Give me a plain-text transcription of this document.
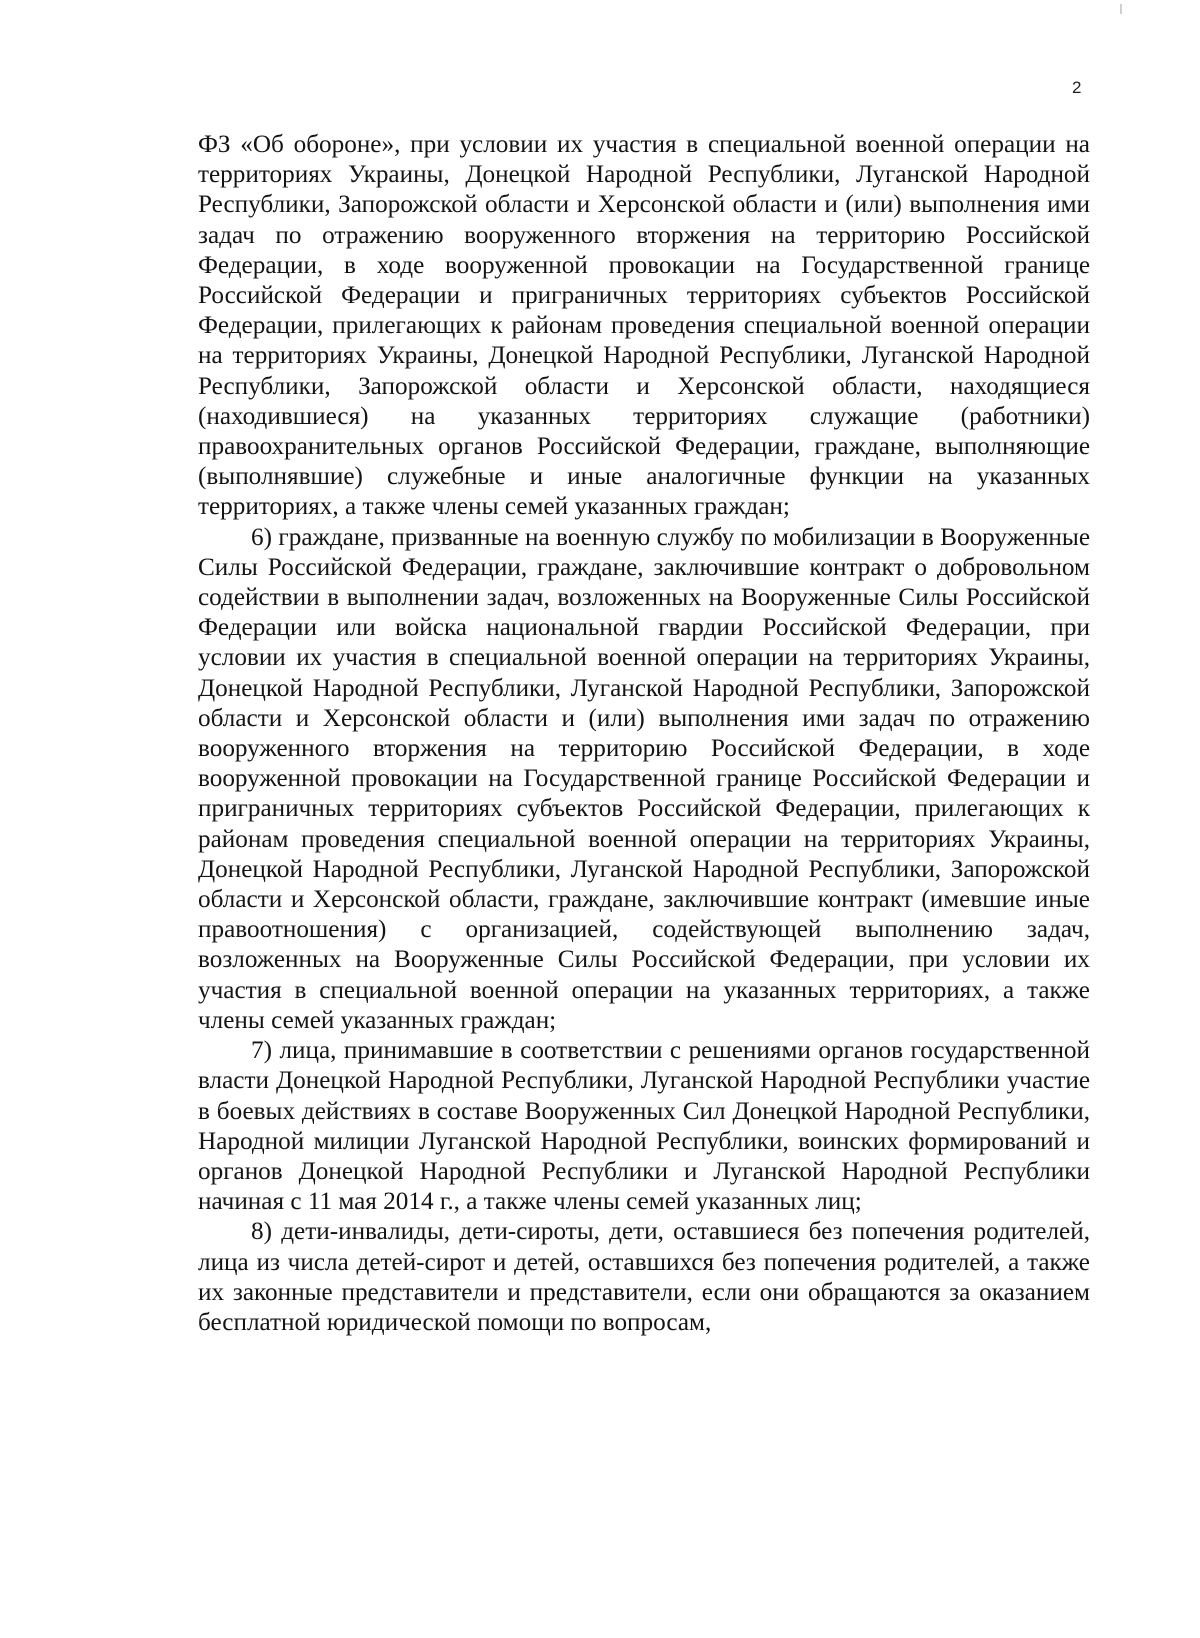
2

ФЗ «Об обороне», при условии их участия в специальной военной операции на территориях Украины, Донецкой Народной Республики, Луганской Народной Республики, Запорожской области и Херсонской области и (или) выполнения ими задач по отражению вооруженного вторжения на территорию Российской Федерации, в ходе вооруженной провокации на Государственной границе Российской Федерации и приграничных территориях субъектов Российской Федерации, прилегающих к районам проведения специальной военной операции на территориях Украины, Донецкой Народной Республики, Луганской Народной Республики, Запорожской области и Херсонской области, находящиеся (находившиеся) на указанных территориях служащие (работники) правоохранительных органов Российской Федерации, граждане, выполняющие (выполнявшие) служебные и иные аналогичные функции на указанных территориях, а также члены семей указанных граждан;

6) граждане, призванные на военную службу по мобилизации в Вооруженные Силы Российской Федерации, граждане, заключившие контракт о добровольном содействии в выполнении задач, возложенных на Вооруженные Силы Российской Федерации или войска национальной гвардии Российской Федерации, при условии их участия в специальной военной операции на территориях Украины, Донецкой Народной Республики, Луганской Народной Республики, Запорожской области и Херсонской области и (или) выполнения ими задач по отражению вооруженного вторжения на территорию Российской Федерации, в ходе вооруженной провокации на Государственной границе Российской Федерации и приграничных территориях субъектов Российской Федерации, прилегающих к районам проведения специальной военной операции на территориях Украины, Донецкой Народной Республики, Луганской Народной Республики, Запорожской области и Херсонской области, граждане, заключившие контракт (имевшие иные правоотношения) с организацией, содействующей выполнению задач, возложенных на Вооруженные Силы Российской Федерации, при условии их участия в специальной военной операции на указанных территориях, а также члены семей указанных граждан;

7) лица, принимавшие в соответствии с решениями органов государственной власти Донецкой Народной Республики, Луганской Народной Республики участие в боевых действиях в составе Вооруженных Сил Донецкой Народной Республики, Народной милиции Луганской Народной Республики, воинских формирований и органов Донецкой Народной Республики и Луганской Народной Республики начиная с 11 мая 2014 г., а также члены семей указанных лиц;

8) дети-инвалиды, дети-сироты, дети, оставшиеся без попечения родителей, лица из числа детей-сирот и детей, оставшихся без попечения родителей, а также их законные представители и представители, если они обращаются за оказанием бесплатной юридической помощи по вопросам,
